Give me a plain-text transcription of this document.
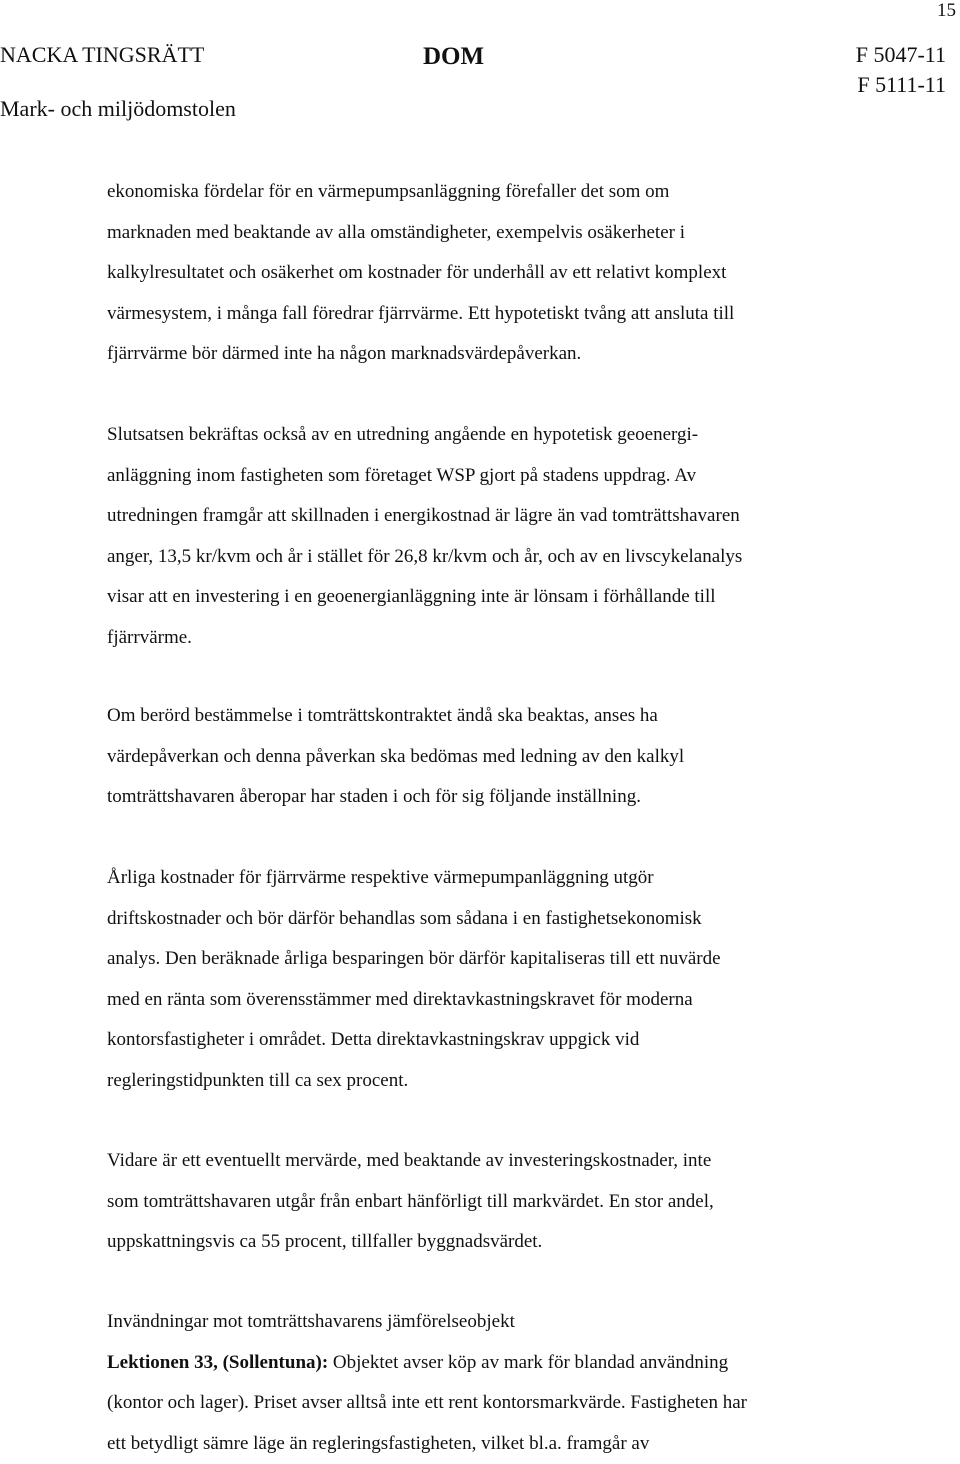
15
NACKA TINGSRÄTT
Mark- och miljödomstolen
DOM	F 5047-11
F 5111-11

ekonomiska fördelar för en värmepumpsanläggning förefaller det som om

marknaden med beaktande av alla omständigheter, exempelvis osäkerheter i

kalkylresultatet och osäkerhet om kostnader för underhåll av ett relativt komplext

värmesystem, i många fall föredrar fjärrvärme. Ett hypotetiskt tvång att ansluta till

fjärrvärme bör därmed inte ha någon marknadsvärdepåverkan.

Slutsatsen bekräftas också av en utredning angående en hypotetisk geoenergi-

anläggning inom fastigheten som företaget WSP gjort på stadens uppdrag. Av

utredningen framgår att skillnaden i energikostnad är lägre än vad tomträttshavaren

anger, 13,5 kr/kvm och år i stället för 26,8 kr/kvm och år, och av en livscykelanalys

visar att en investering i en geoenergianläggning inte är lönsam i förhållande till

fjärrvärme.

Om berörd bestämmelse i tomträttskontraktet ändå ska beaktas, anses ha

värdepåverkan och denna påverkan ska bedömas med ledning av den kalkyl

tomträttshavaren åberopar har staden i och för sig följande inställning.

Årliga kostnader för fjärrvärme respektive värmepumpanläggning utgör

driftskostnader och bör därför behandlas som sådana i en fastighetsekonomisk

analys. Den beräknade årliga besparingen bör därför kapitaliseras till ett nuvärde

med en ränta som överensstämmer med direktavkastningskravet för moderna

kontorsfastigheter i området. Detta direktavkastningskrav uppgick vid

regleringstidpunkten till ca sex procent.

Vidare är ett eventuellt mervärde, med beaktande av investeringskostnader, inte

som tomträttshavaren utgår från enbart hänförligt till markvärdet. En stor andel,

uppskattningsvis ca 55 procent, tillfaller byggnadsvärdet.

Invändningar mot tomträttshavarens jämförelseobjekt

Lektionen 33, (Sollentuna): Objektet avser köp av mark för blandad användning

(kontor och lager). Priset avser alltså inte ett rent kontorsmarkvärde. Fastigheten har

ett betydligt sämre läge än regleringsfastigheten, vilket bl.a. framgår av
